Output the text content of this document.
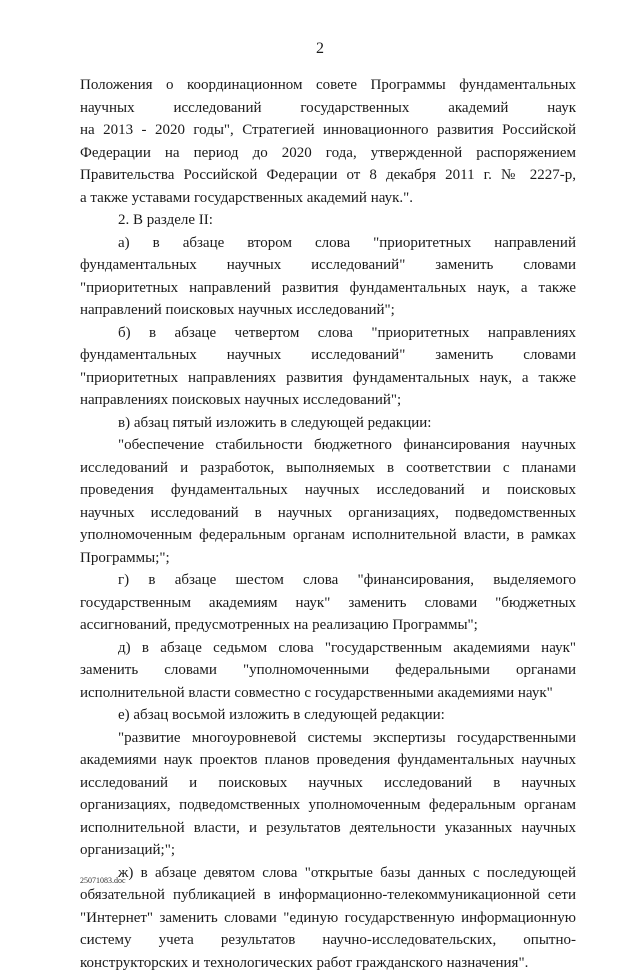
2
Положения о координационном совете Программы фундаментальных
научных исследований государственных академий наук
на 2013 - 2020 годы", Стратегией инновационного развития Российской
Федерации на период до 2020 года, утвержденной распоряжением
Правительства Российской Федерации от 8 декабря 2011 г. № 2227-р,
а также уставами государственных академий наук.".
2. В разделе II:
а) в абзаце втором слова "приоритетных направлений
фундаментальных научных исследований" заменить словами
"приоритетных направлений развития фундаментальных наук, а также
направлений поисковых научных исследований";
б) в абзаце четвертом слова "приоритетных направлениях
фундаментальных научных исследований" заменить словами
"приоритетных направлениях развития фундаментальных наук, а также
направлениях поисковых научных исследований";
в) абзац пятый изложить в следующей редакции:
"обеспечение стабильности бюджетного финансирования научных
исследований и разработок, выполняемых в соответствии с планами
проведения фундаментальных научных исследований и поисковых
научных исследований в научных организациях, подведомственных
уполномоченным федеральным органам исполнительной власти, в рамках
Программы;";
г) в абзаце шестом слова "финансирования, выделяемого
государственным академиям наук" заменить словами "бюджетных
ассигнований, предусмотренных на реализацию Программы";
д) в абзаце седьмом слова "государственным академиями наук"
заменить словами "уполномоченными федеральными органами
исполнительной власти совместно с государственными академиями наук"
е) абзац восьмой изложить в следующей редакции:
"развитие многоуровневой системы экспертизы государственными
академиями наук проектов планов проведения фундаментальных научных
исследований и поисковых научных исследований в научных
организациях, подведомственных уполномоченным федеральным органам
исполнительной власти, и результатов деятельности указанных научных
организаций;";
ж) в абзаце девятом слова "открытые базы данных с последующей
обязательной публикацией в информационно-телекоммуникационной сети
"Интернет" заменить словами "единую государственную информационную
систему учета результатов научно-исследовательских, опытно-
конструкторских и технологических работ гражданского назначения".
25071083.doc
